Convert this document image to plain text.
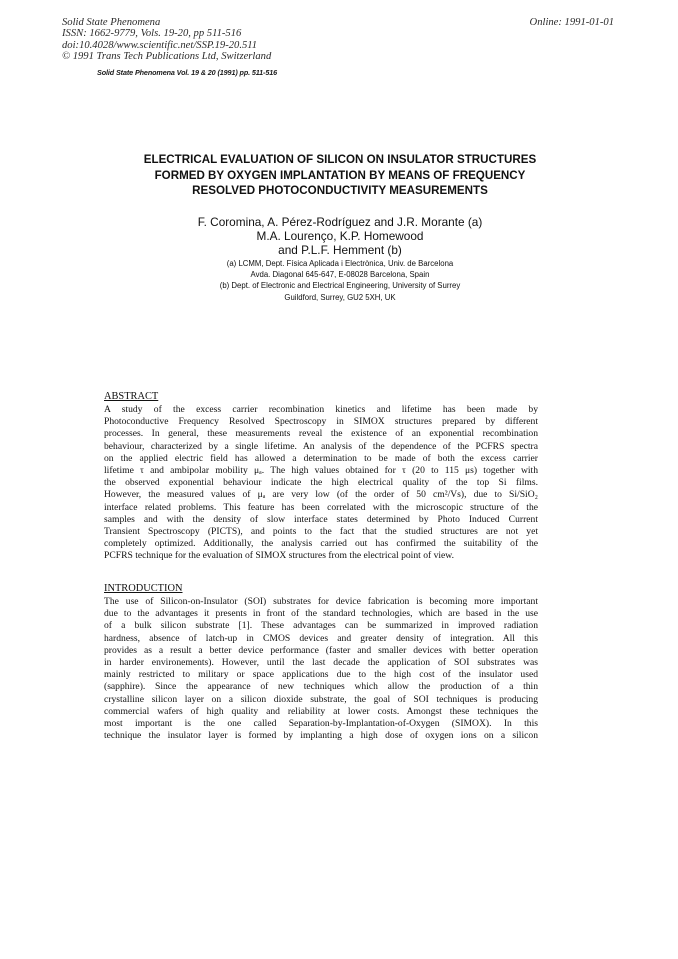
Solid State Phenomena
ISSN: 1662-9779, Vols. 19-20, pp 511-516
doi:10.4028/www.scientific.net/SSP.19-20.511
© 1991 Trans Tech Publications Ltd, Switzerland
Online: 1991-01-01
Solid State Phenomena Vol. 19 & 20 (1991) pp. 511-516
ELECTRICAL EVALUATION OF SILICON ON INSULATOR STRUCTURES
FORMED BY OXYGEN IMPLANTATION BY MEANS OF FREQUENCY
RESOLVED PHOTOCONDUCTIVITY MEASUREMENTS
F. Coromina, A. Pérez-Rodríguez and J.R. Morante (a)
M.A. Lourenço, K.P. Homewood
and P.L.F. Hemment (b)
(a) LCMM, Dept. Física Aplicada i Electrònica, Univ. de Barcelona
Avda. Diagonal 645-647, E-08028 Barcelona, Spain
(b) Dept. of Electronic and Electrical Engineering, University of Surrey
Guildford, Surrey, GU2 5XH, UK
ABSTRACT
A study of the excess carrier recombination kinetics and lifetime has been made by
Photoconductive Frequency Resolved Spectroscopy in SIMOX structures prepared by different
processes. In general, these measurements reveal the existence of an exponential recombination
behaviour, characterized by a single lifetime. An analysis of the dependence of the PCFRS spectra
on the applied electric field has allowed a determination to be made of both the excess carrier
lifetime τ and ambipolar mobility μₐ. The high values obtained for τ (20 to 115 μs) together with
the observed exponential behaviour indicate the high electrical quality of the top Si films.
However, the measured values of μₐ are very low (of the order of 50 cm²/Vs), due to Si/SiO₂
interface related problems. This feature has been correlated with the microscopic structure of the
samples and with the density of slow interface states determined by Photo Induced Current
Transient Spectroscopy (PICTS), and points to the fact that the studied structures are not yet
completely optimized. Additionally, the analysis carried out has confirmed the suitability of the
PCFRS technique for the evaluation of SIMOX structures from the electrical point of view.
INTRODUCTION
The use of Silicon-on-Insulator (SOI) substrates for device fabrication is becoming more important
due to the advantages it presents in front of the standard technologies, which are based in the use
of a bulk silicon substrate [1]. These advantages can be summarized in improved radiation
hardness, absence of latch-up in CMOS devices and greater density of integration. All this
provides as a result a better device performance (faster and smaller devices with better operation
in harder environements). However, until the last decade the application of SOI substrates was
mainly restricted to military or space applications due to the high cost of the insulator used
(sapphire). Since the appearance of new techniques which allow the production of a thin
crystalline silicon layer on a silicon dioxide substrate, the goal of SOI techniques is producing
commercial wafers of high quality and reliability at lower costs. Amongst these techniques the
most important is the one called Separation-by-Implantation-of-Oxygen (SIMOX). In this
technique the insulator layer is formed by implanting a high dose of oxygen ions on a silicon
